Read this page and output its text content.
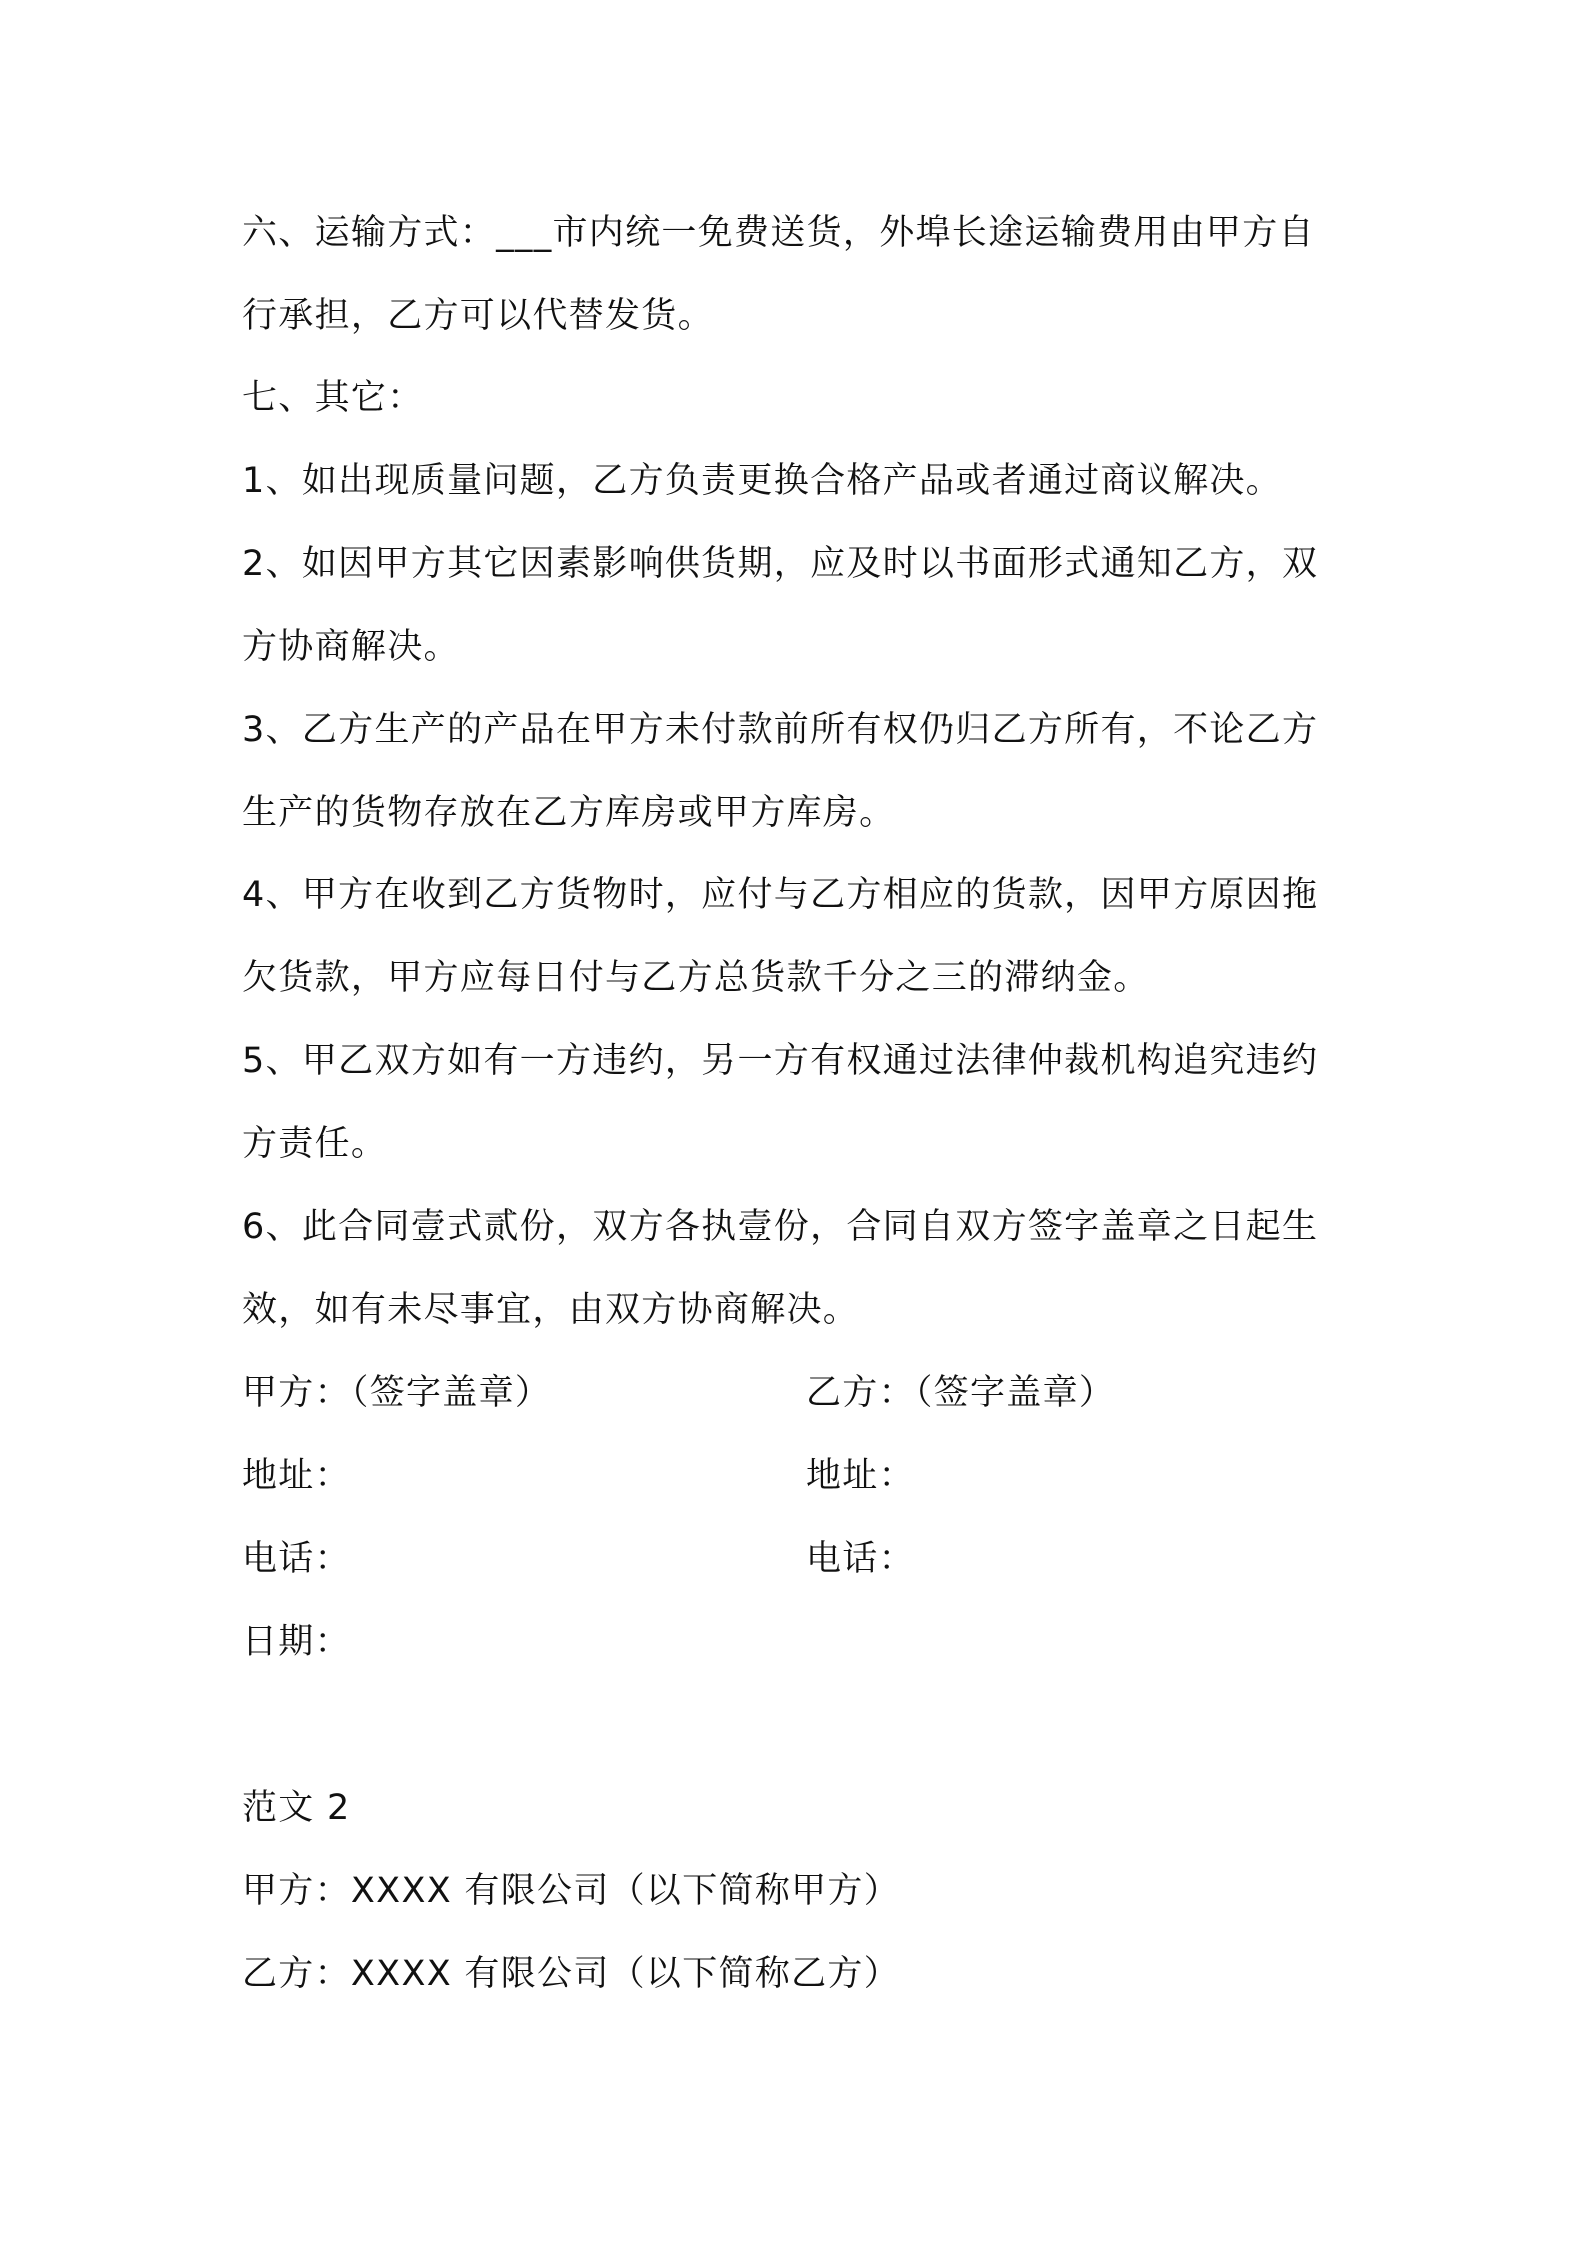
六、运输方式：___市内统一免费送货，外埠长途运输费用由甲方自
行承担，乙方可以代替发货。
七、其它：
1、如出现质量问题，乙方负责更换合格产品或者通过商议解决。
2、如因甲方其它因素影响供货期，应及时以书面形式通知乙方，双
方协商解决。
3、乙方生产的产品在甲方未付款前所有权仍归乙方所有，不论乙方
生产的货物存放在乙方库房或甲方库房。
4、甲方在收到乙方货物时，应付与乙方相应的货款，因甲方原因拖
欠货款，甲方应每日付与乙方总货款千分之三的滞纳金。
5、甲乙双方如有一方违约，另一方有权通过法律仲裁机构追究违约
方责任。
6、此合同壹式贰份，双方各执壹份，合同自双方签字盖章之日起生
效，如有未尽事宜，由双方协商解决。
甲方：（签字盖章）	乙方：（签字盖章）
地址：	地址：
电话：	电话：
日期：
范文 2
甲方：XXXX 有限公司（以下简称甲方）
乙方：XXXX 有限公司（以下简称乙方）
